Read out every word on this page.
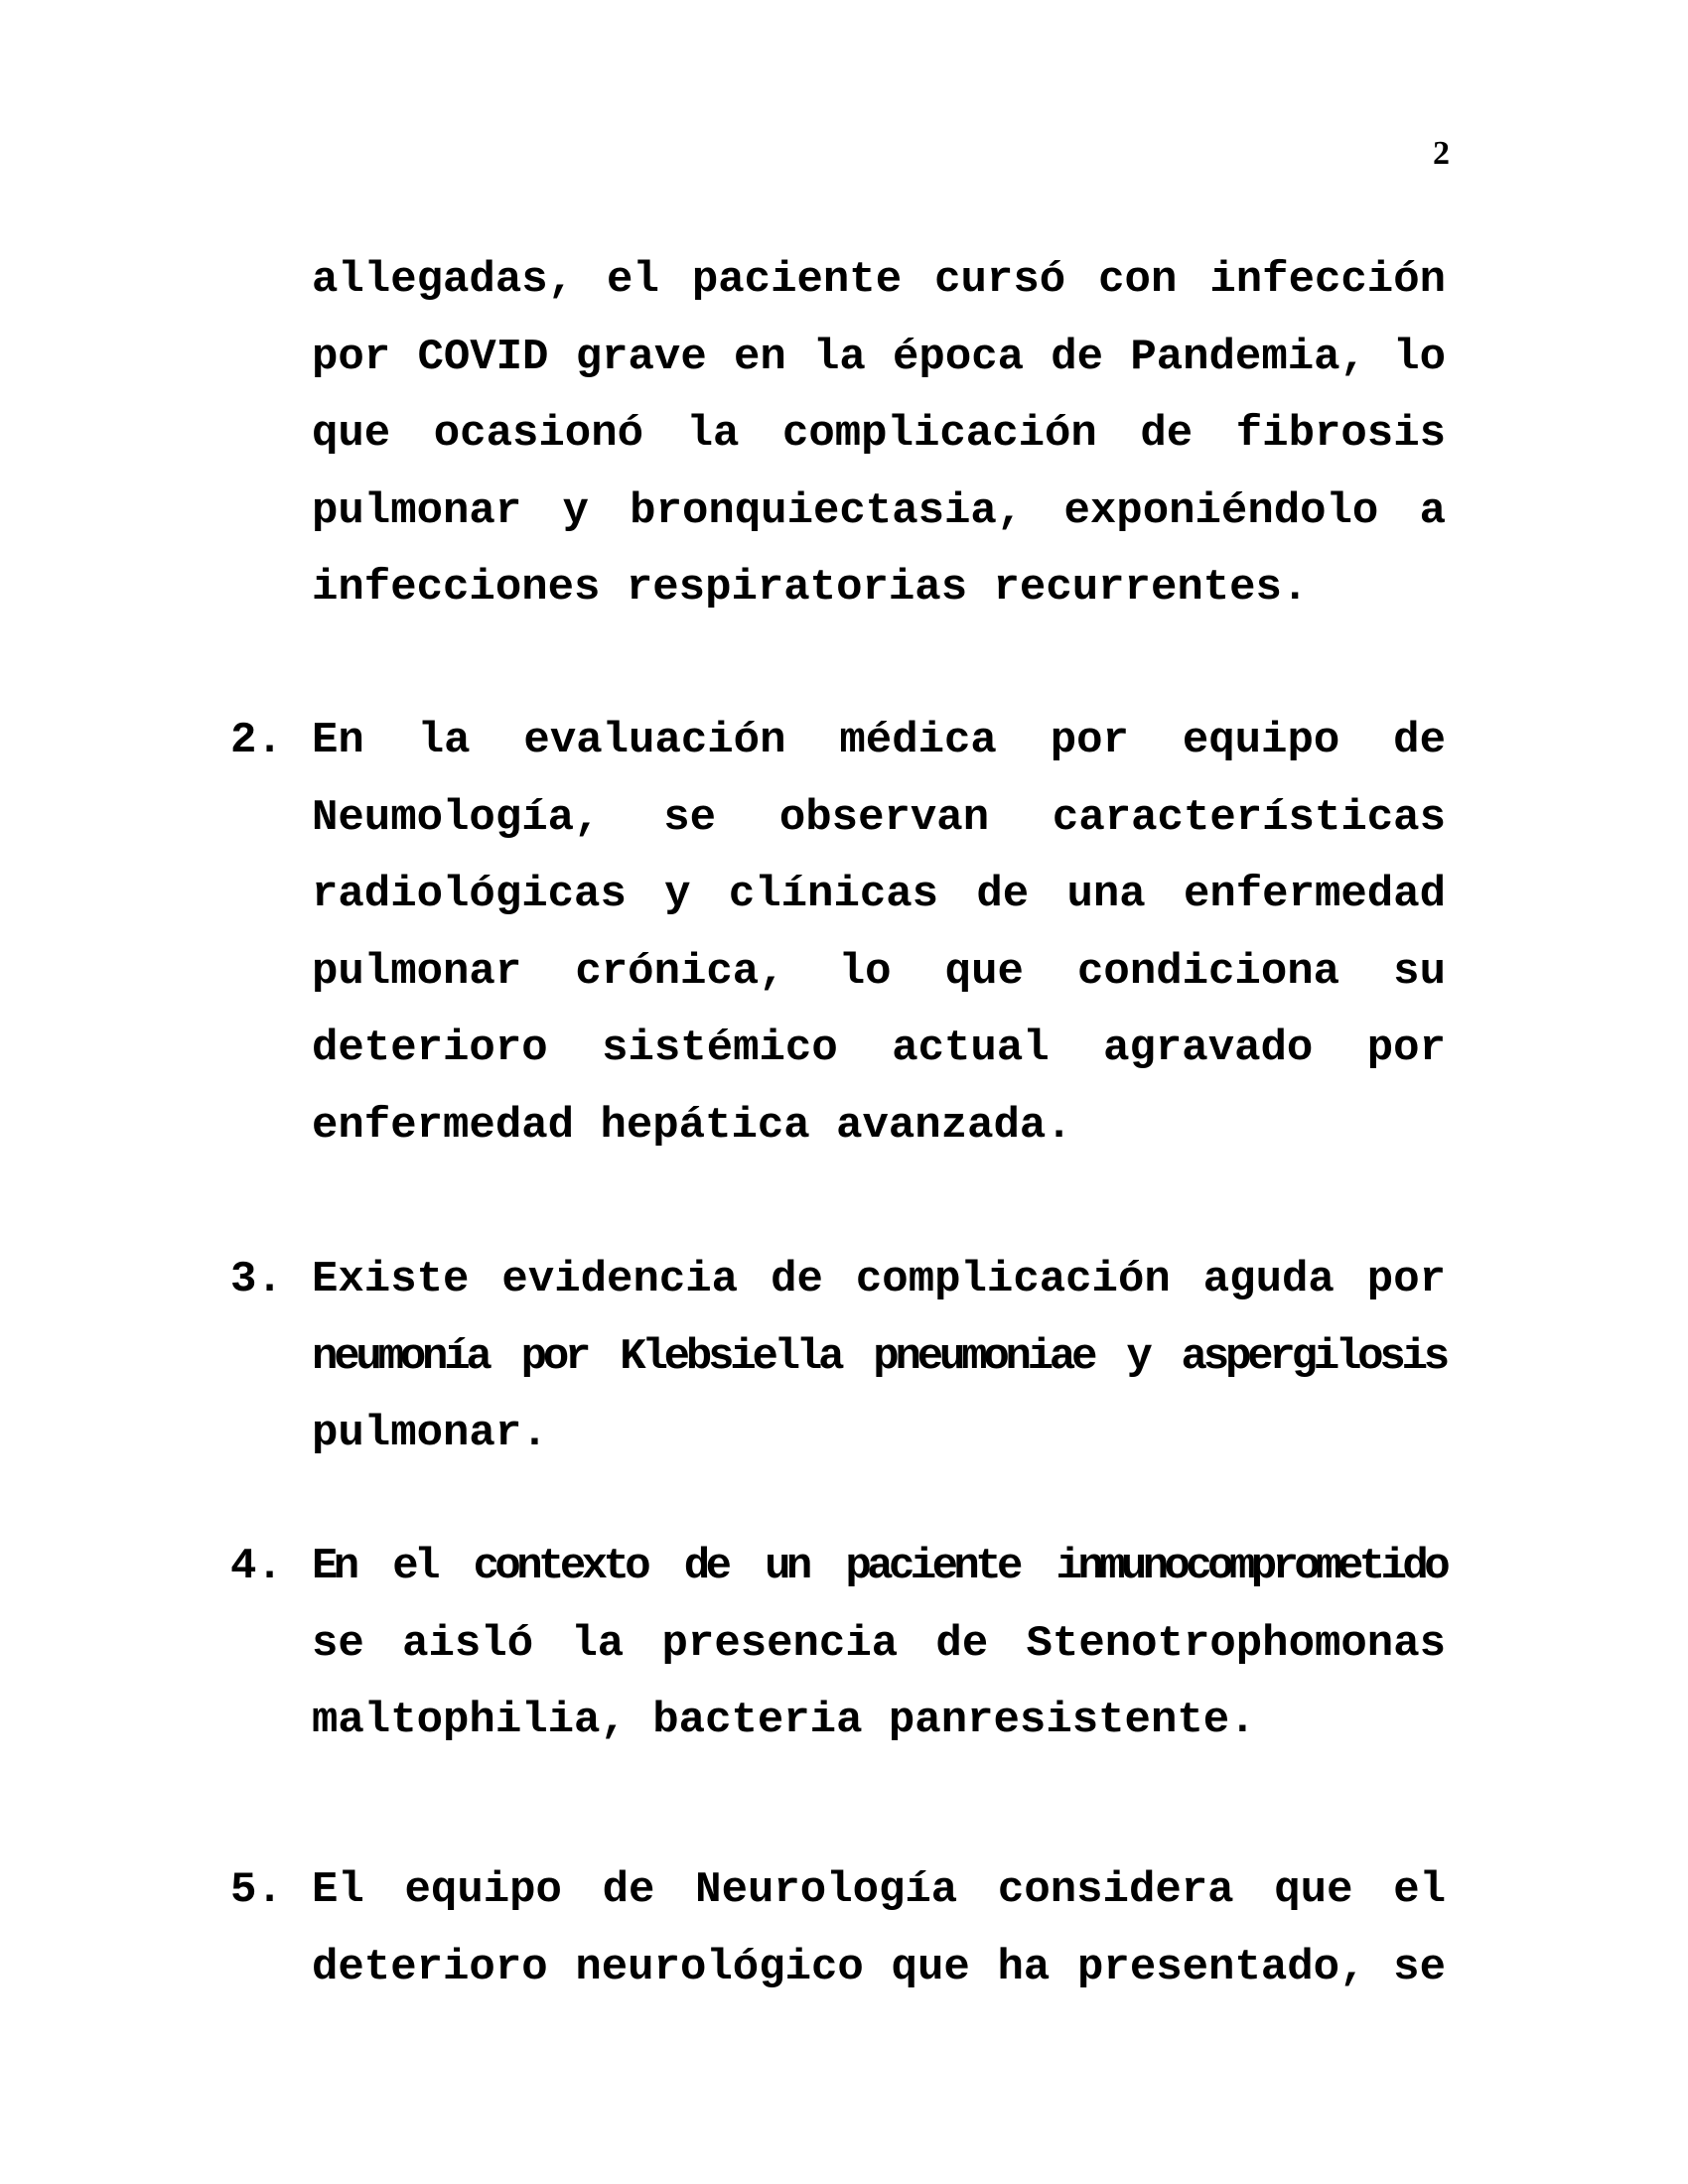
2
allegadas, el paciente cursó con infección
por COVID grave en la época de Pandemia, lo
que ocasionó la complicación de fibrosis
pulmonar y bronquiectasia, exponiéndolo a
infecciones respiratorias recurrentes.
2. En la evaluación médica por equipo de
Neumología, se observan características
radiológicas y clínicas de una enfermedad
pulmonar crónica, lo que condiciona su
deterioro sistémico actual agravado por
enfermedad hepática avanzada.
3. Existe evidencia de complicación aguda por
neumonía por Klebsiella pneumoniae y aspergilosis
pulmonar.
4. En el contexto de un paciente inmunocomprometido
se aisló la presencia de Stenotrophomonas
maltophilia, bacteria panresistente.
5. El equipo de Neurología considera que el
deterioro neurológico que ha presentado, se
